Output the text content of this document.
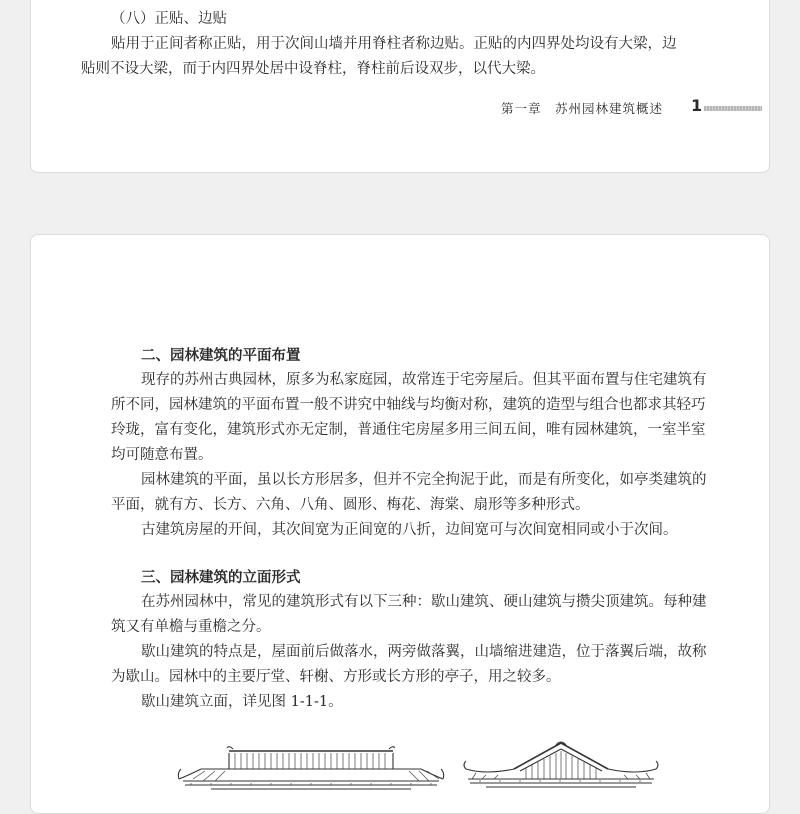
（八）正贴、边贴

贴用于正间者称正贴，用于次间山墙并用脊柱者称边贴。正贴的内四界处均设有大梁，边

贴则不设大梁，而于内四界处居中设脊柱，脊柱前后设双步，以代大梁。

第一章　苏州园林建筑概述 1

二、园林建筑的平面布置

现存的苏州古典园林，原多为私家庭园，故常连于宅旁屋后。但其平面布置与住宅建筑有

所不同，园林建筑的平面布置一般不讲究中轴线与均衡对称，建筑的造型与组合也都求其轻巧

玲珑，富有变化，建筑形式亦无定制，普通住宅房屋多用三间五间，唯有园林建筑，一室半室

均可随意布置。

园林建筑的平面，虽以长方形居多，但并不完全拘泥于此，而是有所变化，如亭类建筑的

平面，就有方、长方、六角、八角、圆形、梅花、海棠、扇形等多种形式。

古建筑房屋的开间，其次间宽为正间宽的八折，边间宽可与次间宽相同或小于次间。

三、园林建筑的立面形式

在苏州园林中，常见的建筑形式有以下三种：歇山建筑、硬山建筑与攒尖顶建筑。每种建

筑又有单檐与重檐之分。

歇山建筑的特点是，屋面前后做落水，两旁做落翼，山墙缩进建造，位于落翼后端，故称

为歇山。园林中的主要厅堂、轩榭、方形或长方形的亭子，用之较多。

歇山建筑立面，详见图 1-1-1。
